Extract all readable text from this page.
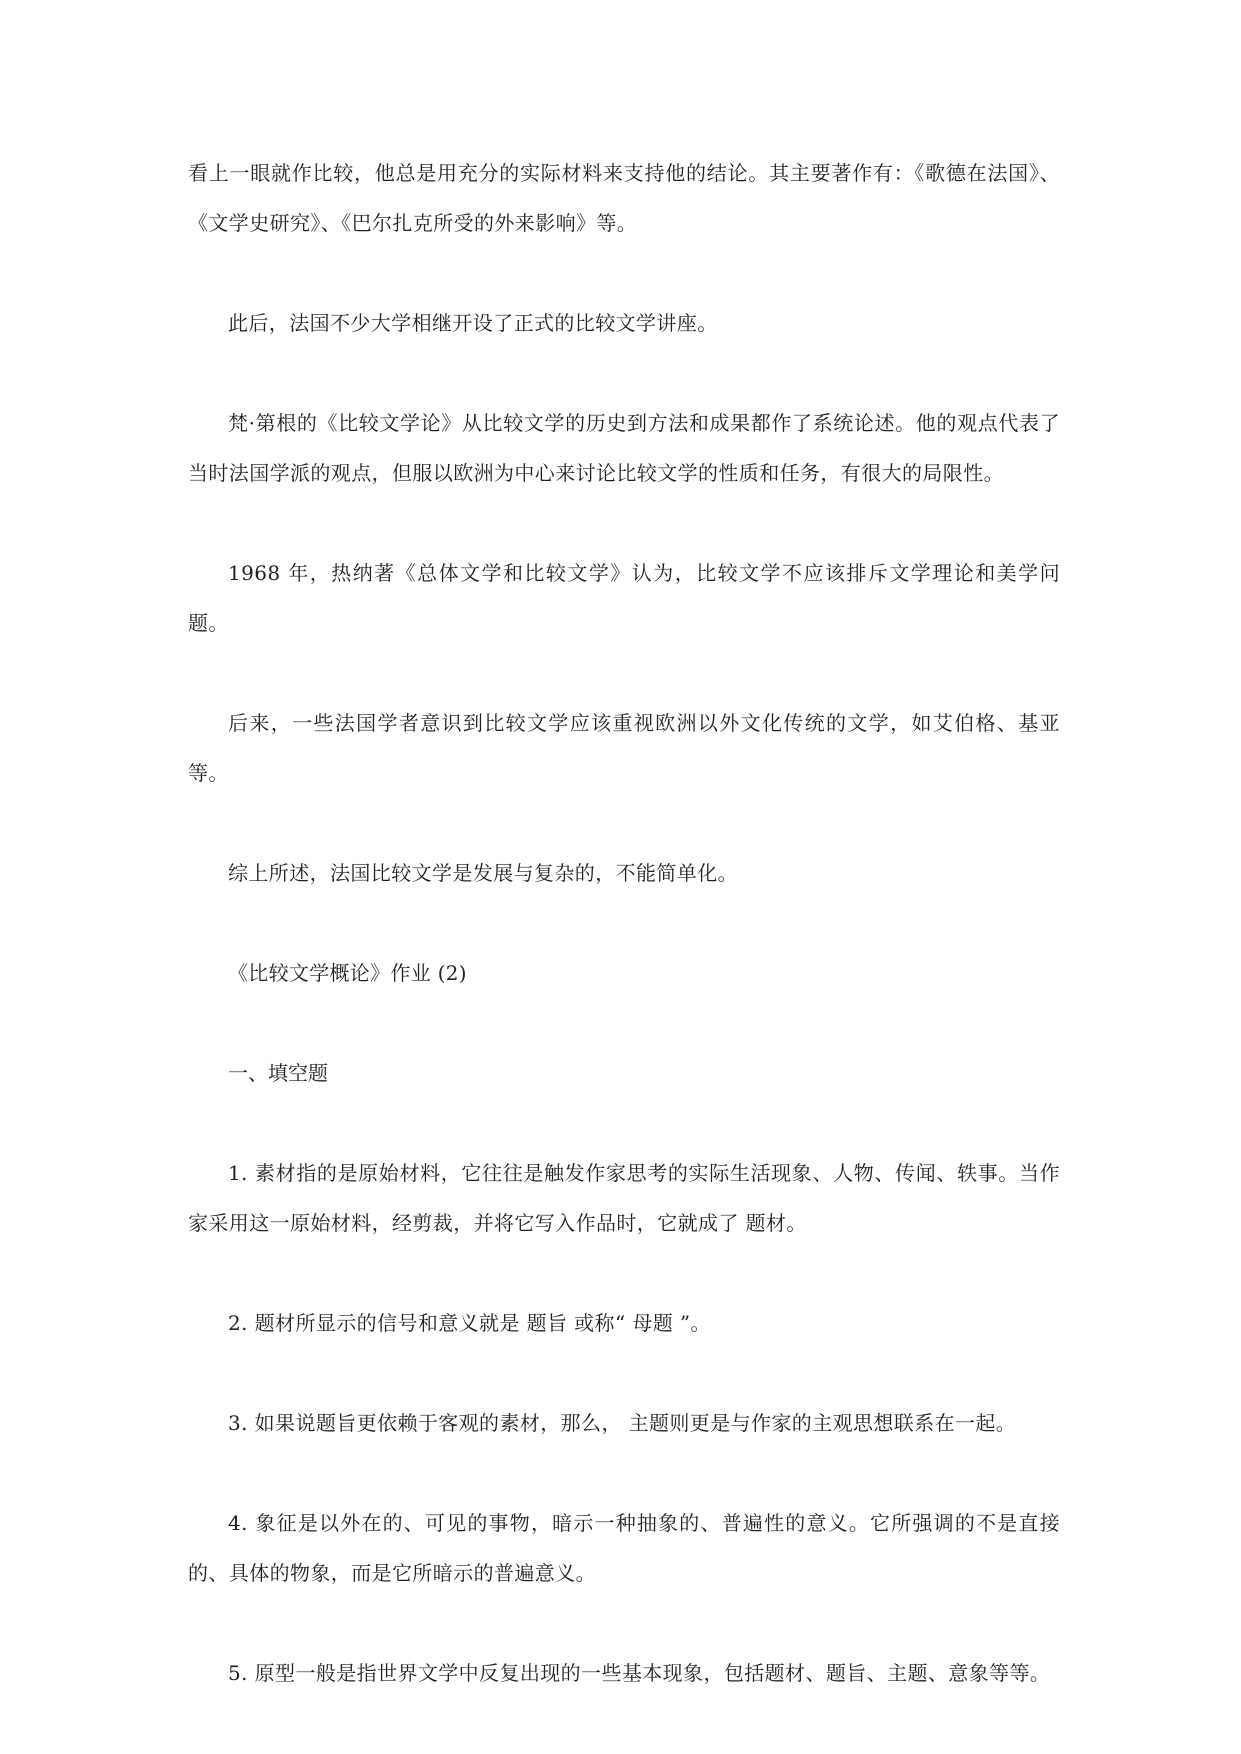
看上一眼就作比较，他总是用充分的实际材料来支持他的结论。其主要著作有：《歌德在法国》、《文学史研究》、《巴尔扎克所受的外来影响》等。

此后，法国不少大学相继开设了正式的比较文学讲座。

梵·第根的《比较文学论》从比较文学的历史到方法和成果都作了系统论述。他的观点代表了当时法国学派的观点，但服以欧洲为中心来讨论比较文学的性质和任务，有很大的局限性。

1968 年，热纳著《总体文学和比较文学》认为，比较文学不应该排斥文学理论和美学问题。

后来，一些法国学者意识到比较文学应该重视欧洲以外文化传统的文学，如艾伯格、基亚等。

综上所述，法国比较文学是发展与复杂的，不能简单化。

《比较文学概论》作业 (2)

一、填空题

1. 素材指的是原始材料，它往往是触发作家思考的实际生活现象、人物、传闻、轶事。当作家采用这一原始材料，经剪裁，并将它写入作品时，它就成了 题材。

2. 题材所显示的信号和意义就是 题旨 或称“ 母题 ”。

3. 如果说题旨更依赖于客观的素材，那么， 主题则更是与作家的主观思想联系在一起。

4. 象征是以外在的、可见的事物，暗示一种抽象的、普遍性的意义。它所强调的不是直接的、具体的物象，而是它所暗示的普遍意义。

5. 原型一般是指世界文学中反复出现的一些基本现象，包括题材、题旨、主题、意象等等。
